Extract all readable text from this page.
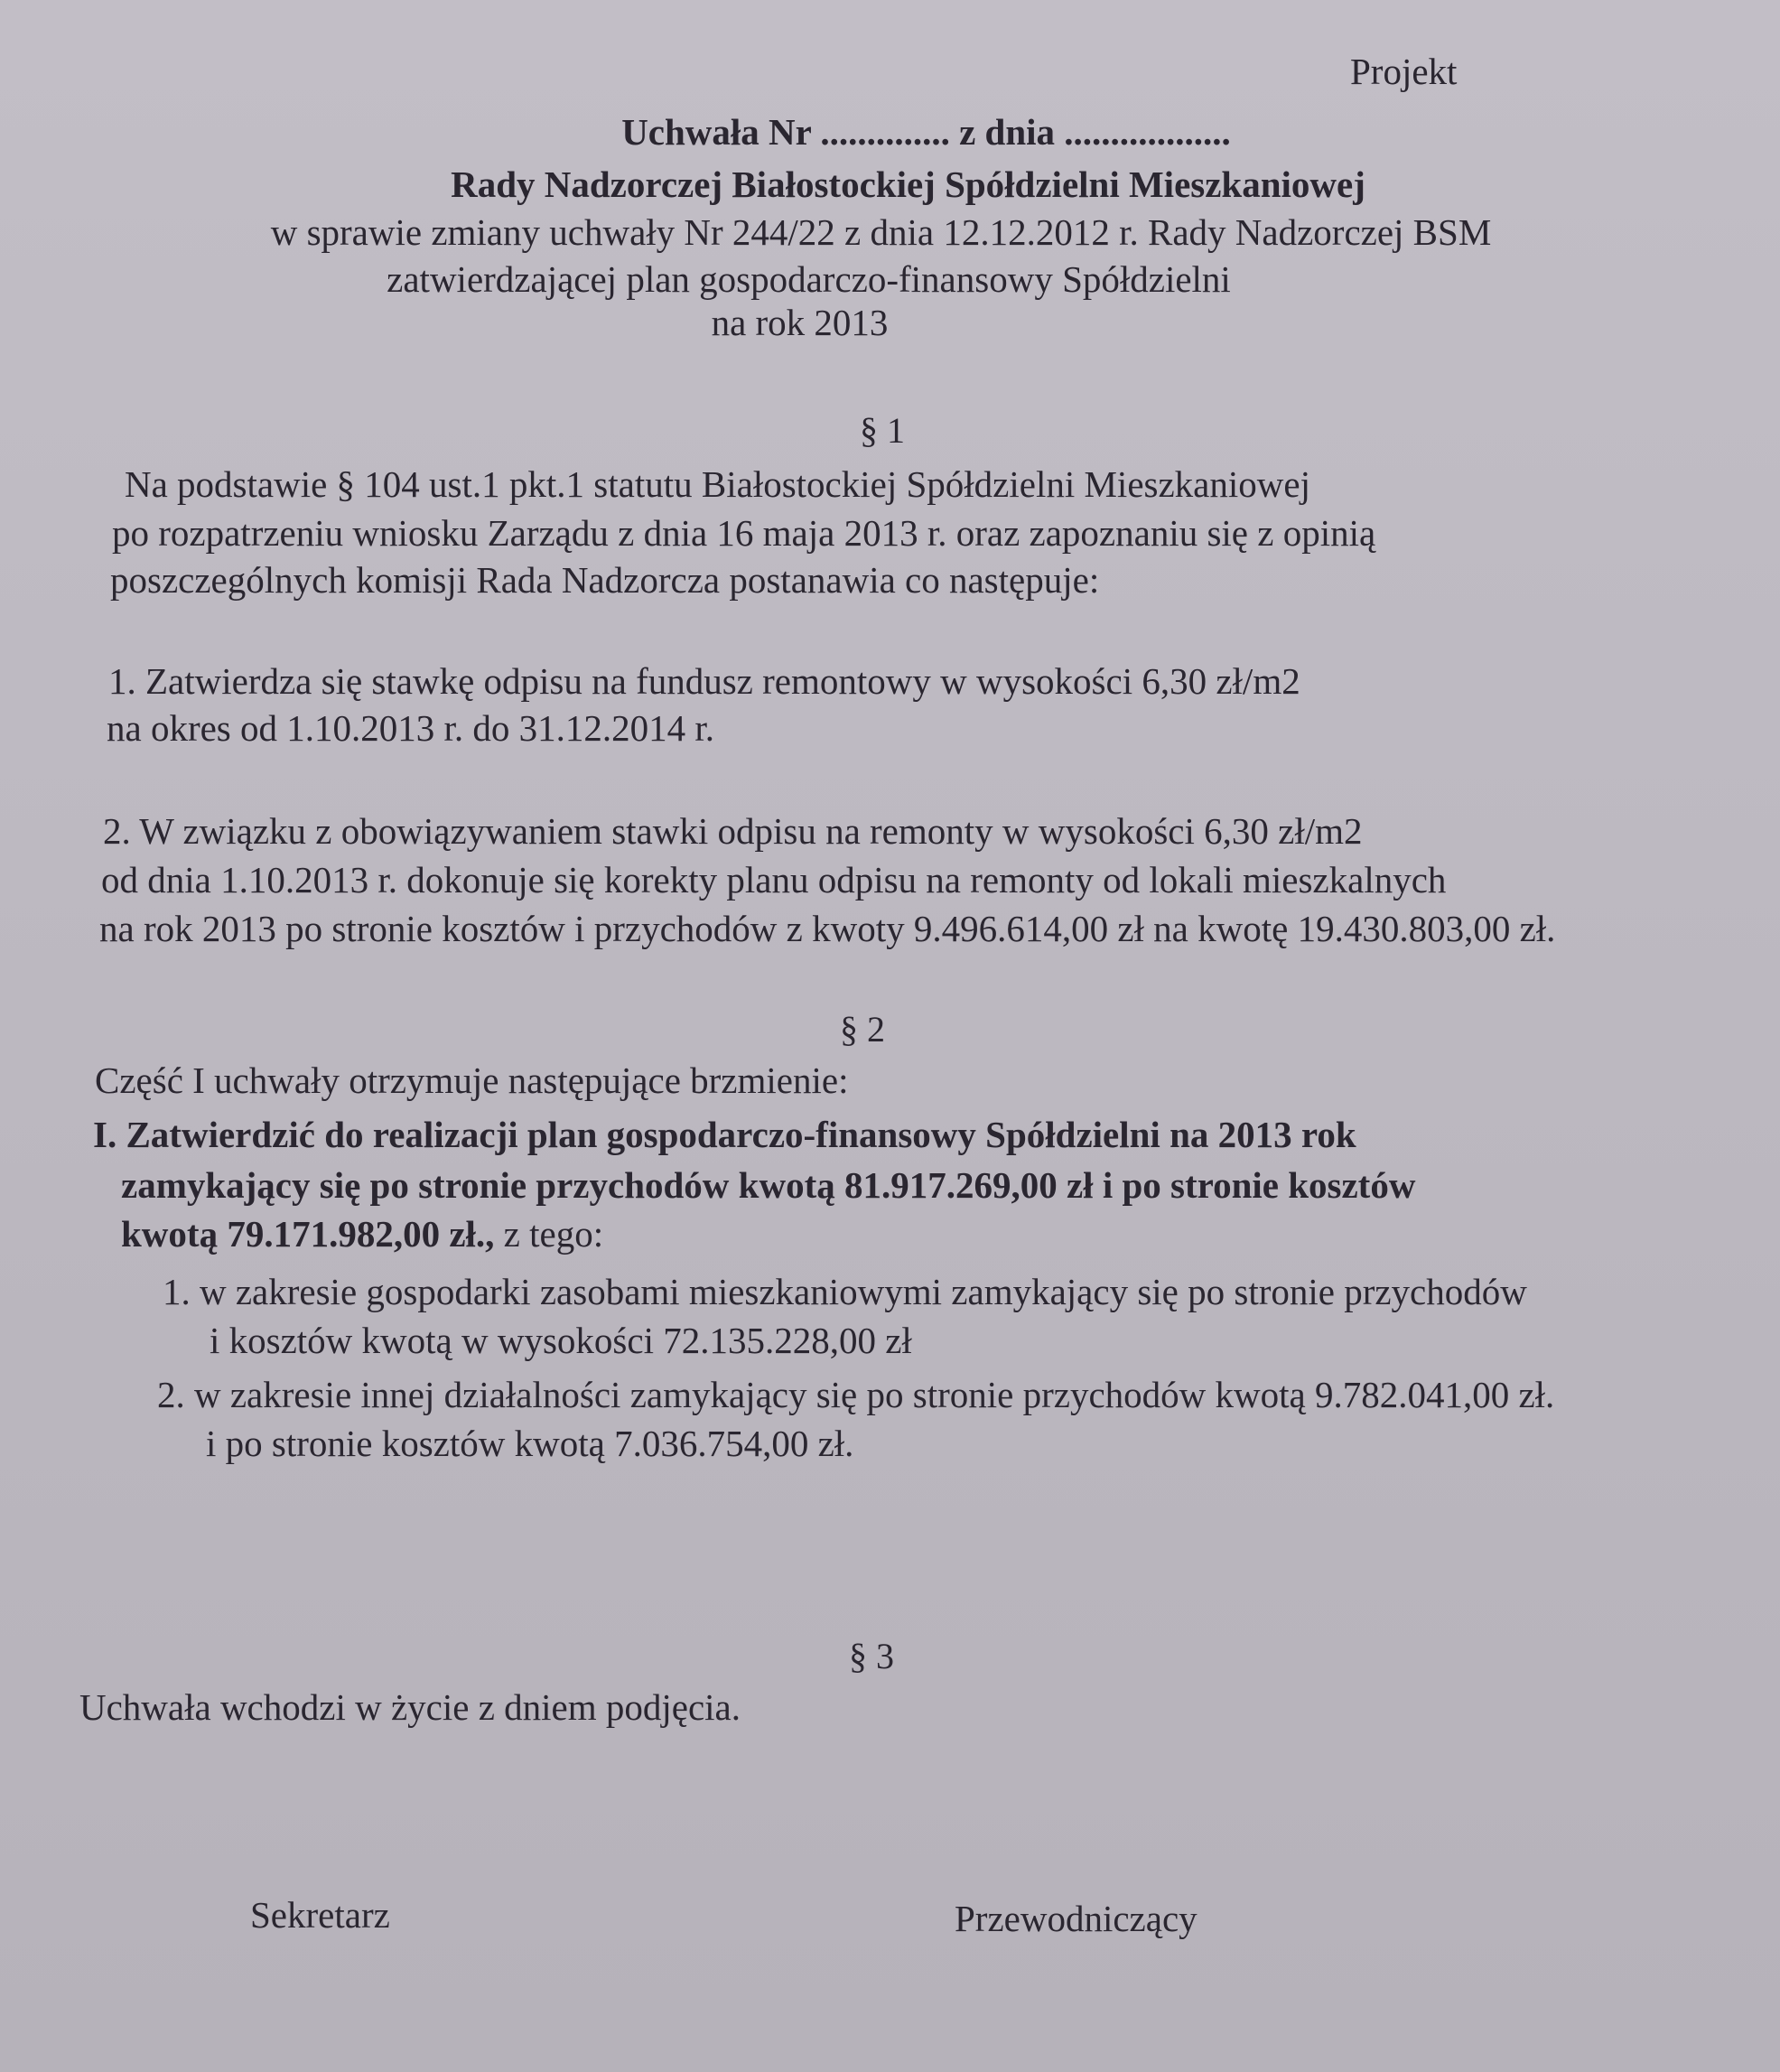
Projekt
Uchwała Nr .............. z dnia ..................
Rady Nadzorczej Białostockiej Spółdzielni Mieszkaniowej
w sprawie zmiany uchwały Nr 244/22 z dnia 12.12.2012 r. Rady Nadzorczej BSM
zatwierdzającej plan gospodarczo-finansowy Spółdzielni
na rok 2013
§ 1
Na podstawie § 104 ust.1 pkt.1 statutu Białostockiej Spółdzielni Mieszkaniowej
po rozpatrzeniu wniosku Zarządu z dnia 16 maja 2013 r. oraz zapoznaniu się z opinią
poszczególnych komisji Rada Nadzorcza postanawia co następuje:
1. Zatwierdza się stawkę odpisu na fundusz remontowy w wysokości 6,30 zł/m2
na okres od 1.10.2013 r. do 31.12.2014 r.
2. W związku z obowiązywaniem stawki odpisu na remonty w wysokości 6,30 zł/m2
od dnia 1.10.2013 r. dokonuje się korekty planu odpisu na remonty od lokali mieszkalnych
na rok 2013 po stronie kosztów i przychodów z kwoty 9.496.614,00 zł na kwotę 19.430.803,00 zł.
§ 2
Część I uchwały otrzymuje następujące brzmienie:
I. Zatwierdzić do realizacji plan gospodarczo-finansowy Spółdzielni na 2013 rok
zamykający się po stronie przychodów kwotą 81.917.269,00 zł i po stronie kosztów
kwotą 79.171.982,00 zł., z tego:
1. w zakresie gospodarki zasobami mieszkaniowymi zamykający się po stronie przychodów
i kosztów kwotą w wysokości 72.135.228,00 zł
2. w zakresie innej działalności zamykający się po stronie przychodów kwotą 9.782.041,00 zł.
i po stronie kosztów kwotą 7.036.754,00 zł.
§ 3
Uchwała wchodzi w życie z dniem podjęcia.
Sekretarz	Przewodniczący
